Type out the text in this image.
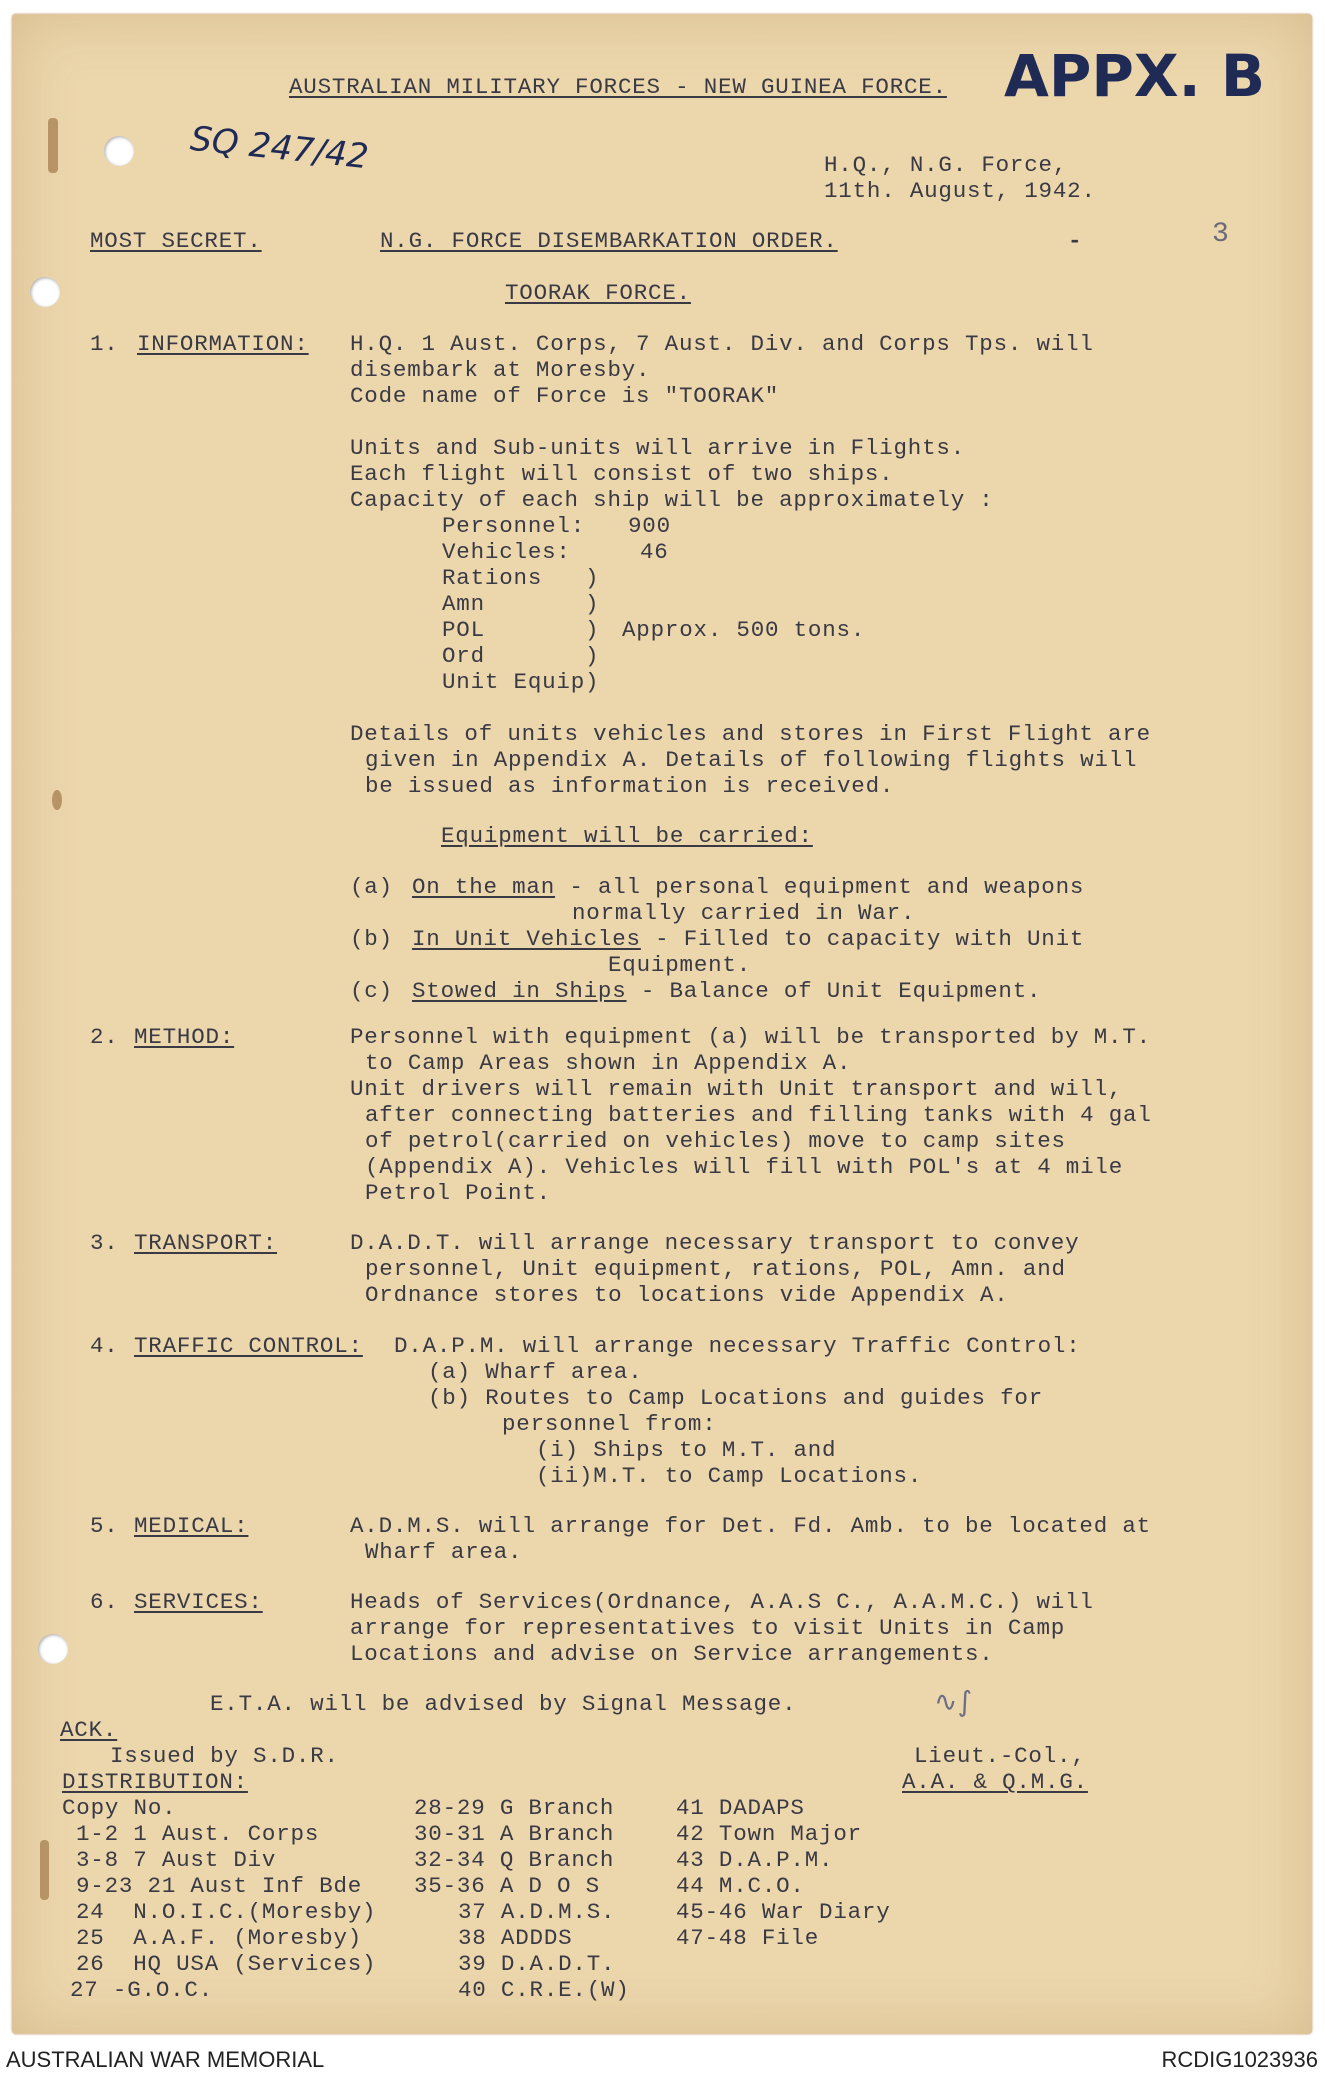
AUSTRALIAN MILITARY FORCES - NEW GUINEA FORCE. APPX. B
SQ 247/42	H.Q., N.G. Force,
11th. August, 1942.
MOST SECRET.	N.G. FORCE DISEMBARKATION ORDER.	-	3
TOORAK FORCE.
1. INFORMATION: H.Q. 1 Aust. Corps, 7 Aust. Div. and Corps Tps. will
disembark at Moresby.
Code name of Force is "TOORAK"
Units and Sub-units will arrive in Flights.
Each flight will consist of two ships.
Capacity of each ship will be approximately :
Personnel: 900
Vehicles:	46
Rations   )
Amn       )
POL       ) Approx. 500 tons.
Ord       )
Unit Equip)
Details of units vehicles and stores in First Flight are
given in Appendix A. Details of following flights will
be issued as information is received.
Equipment will be carried:
(a) On the man - all personal equipment and weapons
normally carried in War.
(b) In Unit Vehicles - Filled to capacity with Unit
Equipment.
(c) Stowed in Ships - Balance of Unit Equipment.
2. METHOD:	Personnel with equipment (a) will be transported by M.T.
to Camp Areas shown in Appendix A.
Unit drivers will remain with Unit transport and will,
after connecting batteries and filling tanks with 4 gal
of petrol(carried on vehicles) move to camp sites
(Appendix A). Vehicles will fill with POL's at 4 mile
Petrol Point.
3. TRANSPORT:	D.A.D.T. will arrange necessary transport to convey
personnel, Unit equipment, rations, POL, Amn. and
Ordnance stores to locations vide Appendix A.
4. TRAFFIC CONTROL: D.A.P.M. will arrange necessary Traffic Control:
(a) Wharf area.
(b) Routes to Camp Locations and guides for
personnel from:
(i) Ships to M.T. and
(ii)M.T. to Camp Locations.
5. MEDICAL:	A.D.M.S. will arrange for Det. Fd. Amb. to be located at
Wharf area.
6. SERVICES:	Heads of Services(Ordnance, A.A.S C., A.A.M.C.) will
arrange for representatives to visit Units in Camp
Locations and advise on Service arrangements.
E.T.A. will be advised by Signal Message.	∿∫
ACK.
Issued by S.D.R.	Lieut.-Col.,
DISTRIBUTION:	A.A. & Q.M.G.
Copy No.
1-2 1 Aust. Corps
3-8 7 Aust Div
9-23 21 Aust Inf Bde
24  N.O.I.C.(Moresby)
25  A.A.F. (Moresby)
26  HQ USA (Services)
27 -G.O.C.
28-29 G Branch
30-31 A Branch
32-34 Q Branch
35-36 A D O S
37 A.D.M.S.
38 ADDDS
39 D.A.D.T.
40 C.R.E.(W)
41 DADAPS
42 Town Major
43 D.A.P.M.
44 M.C.O.
45-46 War Diary
47-48 File
AUSTRALIAN WAR MEMORIAL	RCDIG1023936
